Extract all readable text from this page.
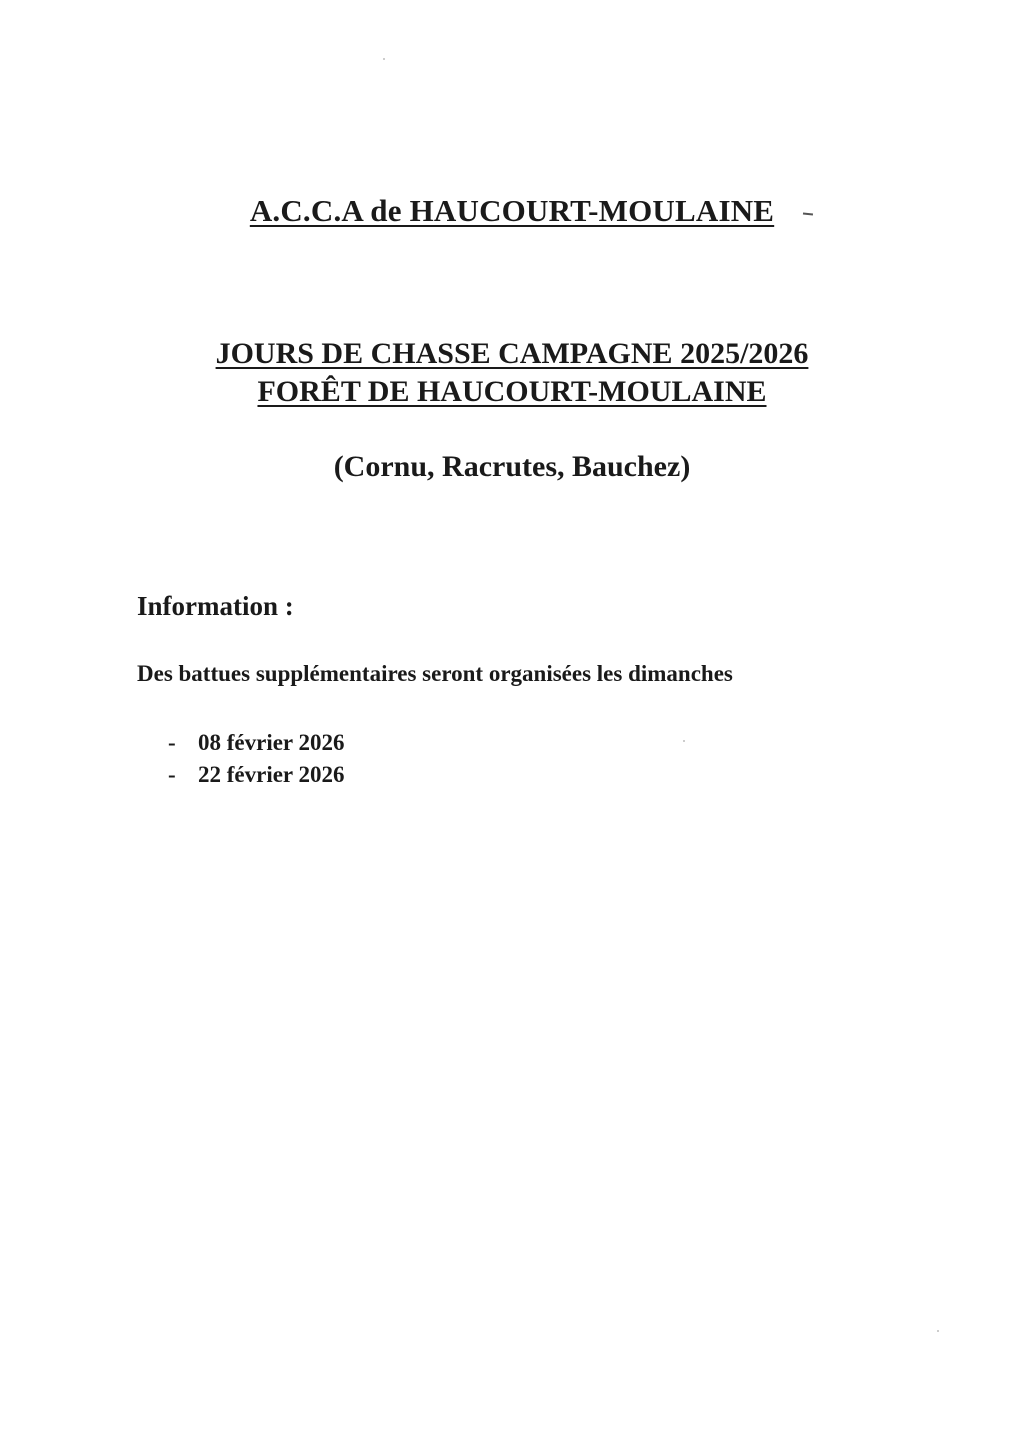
A.C.C.A de HAUCOURT-MOULAINE
JOURS DE CHASSE CAMPAGNE 2025/2026
FORÊT DE HAUCOURT-MOULAINE
(Cornu, Racrutes, Bauchez)
Information :
Des battues supplémentaires seront organisées les dimanches
- 08 février 2026
- 22 février 2026
